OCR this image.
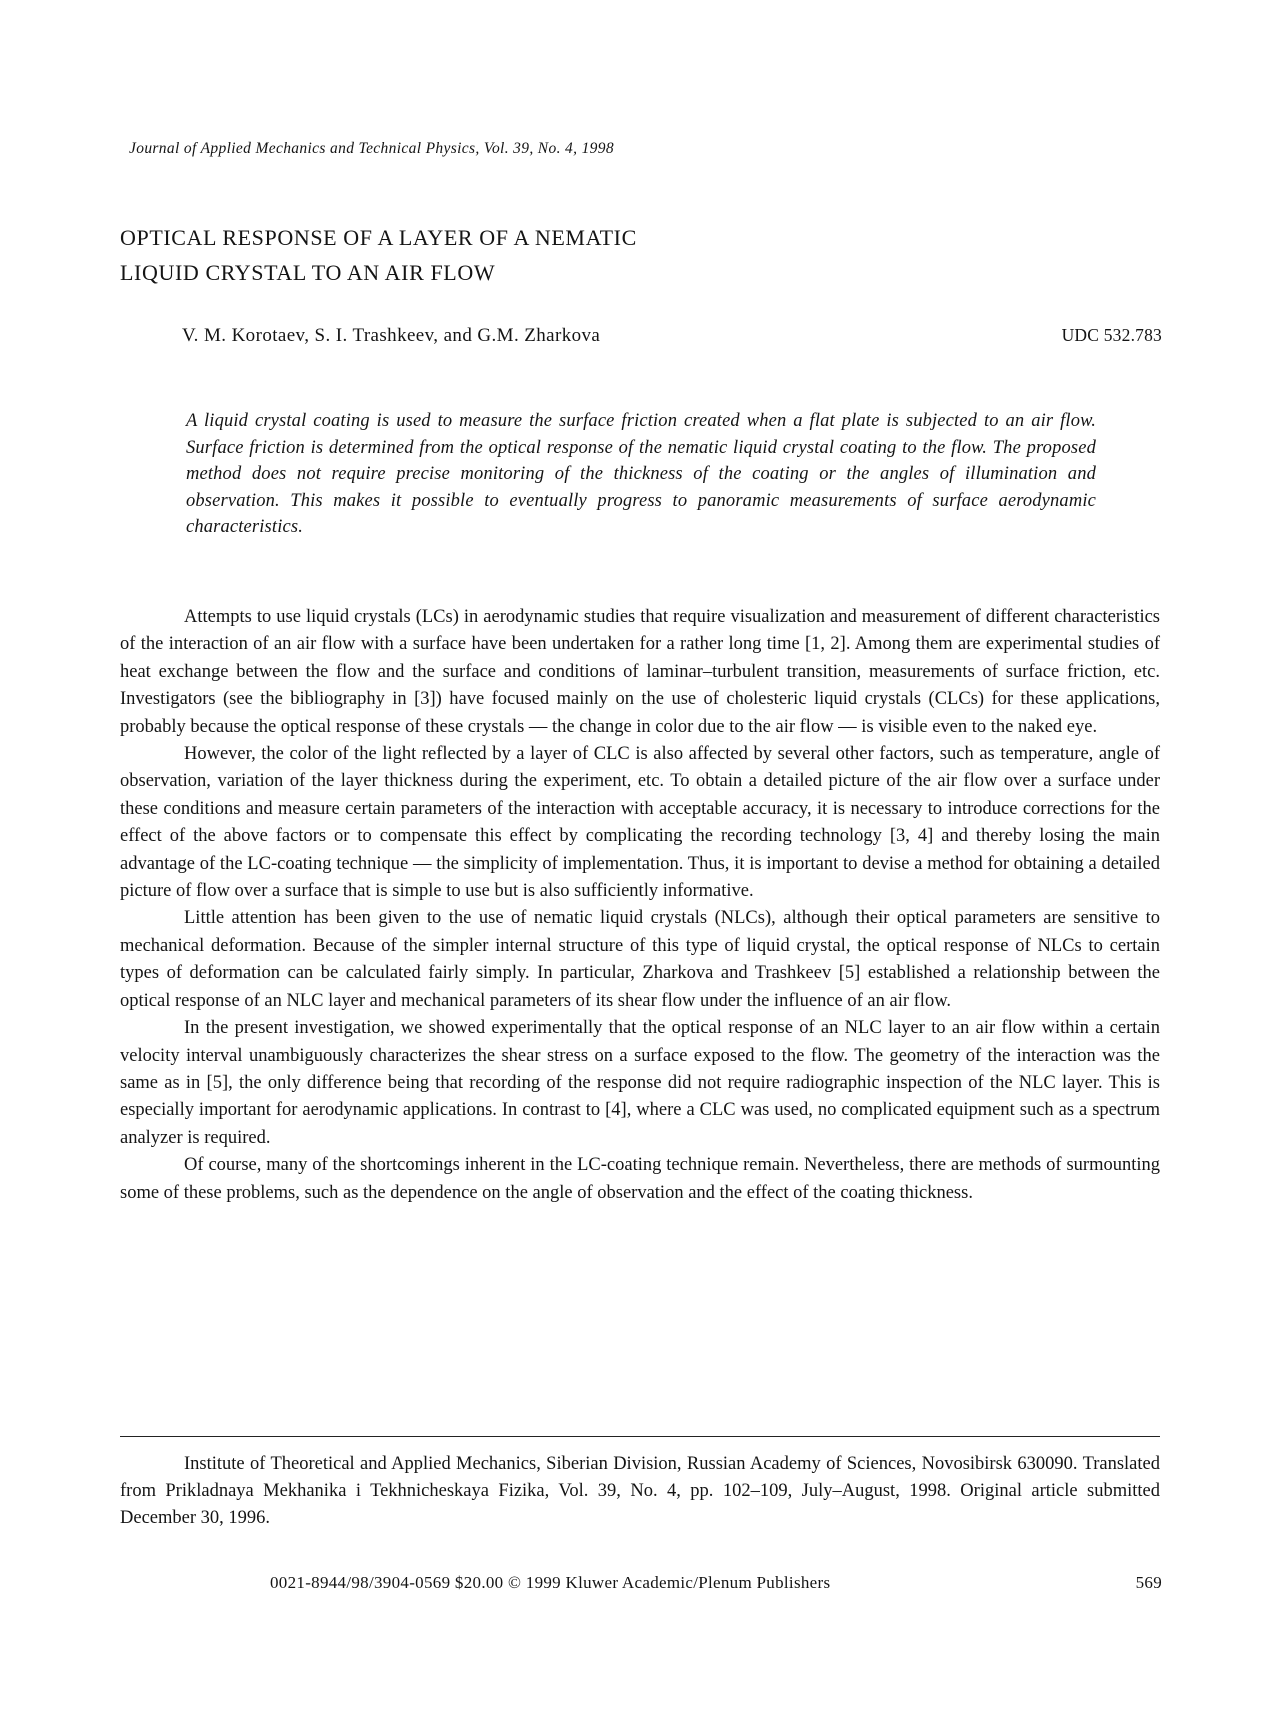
Journal of Applied Mechanics and Technical Physics, Vol. 39, No. 4, 1998
OPTICAL RESPONSE OF A LAYER OF A NEMATIC
LIQUID CRYSTAL TO AN AIR FLOW
V. M. Korotaev, S. I. Trashkeev, and G.M. Zharkova	UDC 532.783

A liquid crystal coating is used to measure the surface friction created when a flat plate is subjected to an air flow. Surface friction is determined from the optical response of the nematic liquid crystal coating to the flow. The proposed method does not require precise monitoring of the thickness of the coating or the angles of illumination and observation. This makes it possible to eventually progress to panoramic measurements of surface aerodynamic characteristics.

Attempts to use liquid crystals (LCs) in aerodynamic studies that require visualization and measurement of different characteristics of the interaction of an air flow with a surface have been undertaken for a rather long time [1, 2]. Among them are experimental studies of heat exchange between the flow and the surface and conditions of laminar–turbulent transition, measurements of surface friction, etc. Investigators (see the bibliography in [3]) have focused mainly on the use of cholesteric liquid crystals (CLCs) for these applications, probably because the optical response of these crystals — the change in color due to the air flow — is visible even to the naked eye.

However, the color of the light reflected by a layer of CLC is also affected by several other factors, such as temperature, angle of observation, variation of the layer thickness during the experiment, etc. To obtain a detailed picture of the air flow over a surface under these conditions and measure certain parameters of the interaction with acceptable accuracy, it is necessary to introduce corrections for the effect of the above factors or to compensate this effect by complicating the recording technology [3, 4] and thereby losing the main advantage of the LC-coating technique — the simplicity of implementation. Thus, it is important to devise a method for obtaining a detailed picture of flow over a surface that is simple to use but is also sufficiently informative.

Little attention has been given to the use of nematic liquid crystals (NLCs), although their optical parameters are sensitive to mechanical deformation. Because of the simpler internal structure of this type of liquid crystal, the optical response of NLCs to certain types of deformation can be calculated fairly simply. In particular, Zharkova and Trashkeev [5] established a relationship between the optical response of an NLC layer and mechanical parameters of its shear flow under the influence of an air flow.

In the present investigation, we showed experimentally that the optical response of an NLC layer to an air flow within a certain velocity interval unambiguously characterizes the shear stress on a surface exposed to the flow. The geometry of the interaction was the same as in [5], the only difference being that recording of the response did not require radiographic inspection of the NLC layer. This is especially important for aerodynamic applications. In contrast to [4], where a CLC was used, no complicated equipment such as a spectrum analyzer is required.

Of course, many of the shortcomings inherent in the LC-coating technique remain. Nevertheless, there are methods of surmounting some of these problems, such as the dependence on the angle of observation and the effect of the coating thickness.

Institute of Theoretical and Applied Mechanics, Siberian Division, Russian Academy of Sciences, Novosibirsk 630090. Translated from Prikladnaya Mekhanika i Tekhnicheskaya Fizika, Vol. 39, No. 4, pp. 102–109, July–August, 1998. Original article submitted December 30, 1996.

0021-8944/98/3904-0569 $20.00 © 1999 Kluwer Academic/Plenum Publishers	569
